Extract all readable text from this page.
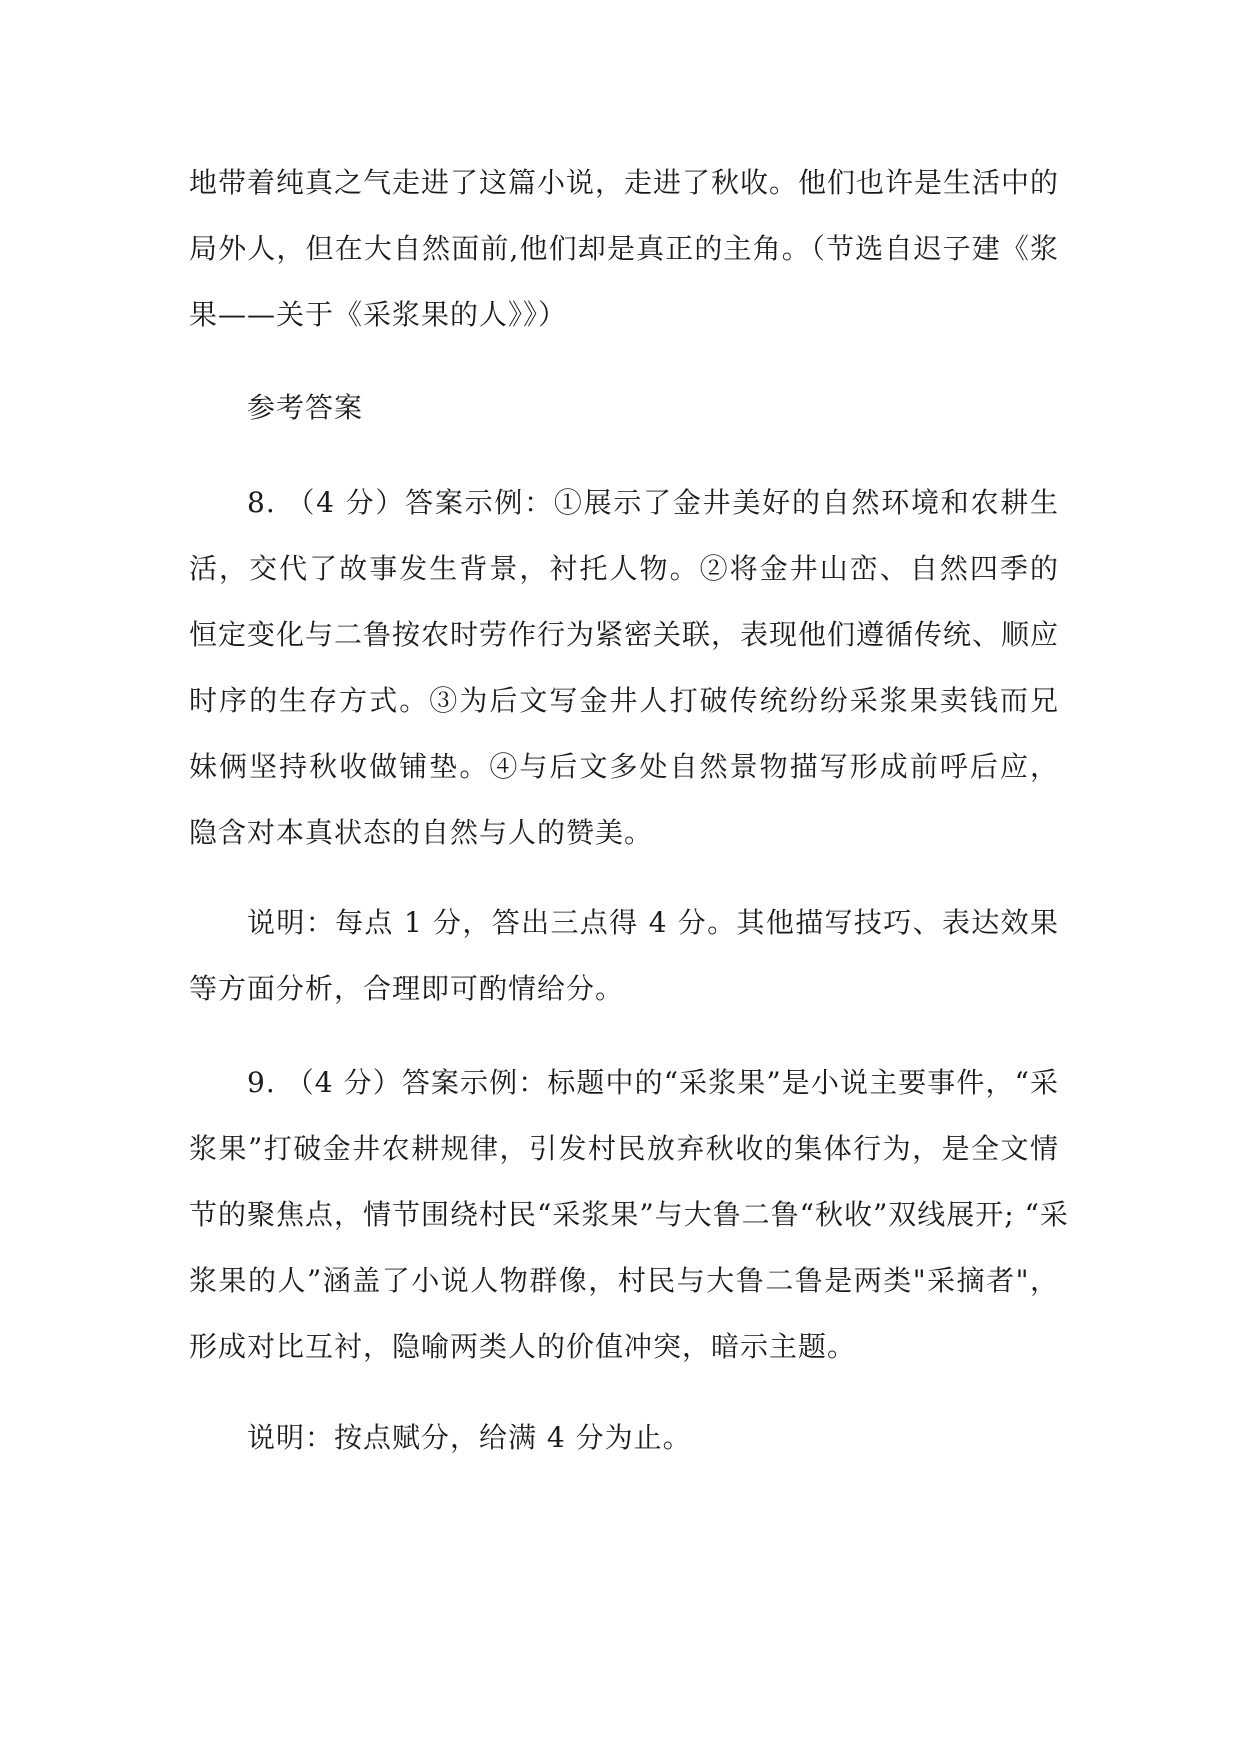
地带着纯真之气走进了这篇小说，走进了秋收。他们也许是生活中的
局外人，但在大自然面前,他们却是真正的主角。（节选自迟子建《浆
果——关于《采浆果的人》》）
参考答案
8. （4 分）答案示例：①展示了金井美好的自然环境和农耕生
活，交代了故事发生背景，衬托人物。②将金井山峦、自然四季的
恒定变化与二鲁按农时劳作行为紧密关联，表现他们遵循传统、顺应
时序的生存方式。③为后文写金井人打破传统纷纷采浆果卖钱而兄
妹俩坚持秋收做铺垫。④与后文多处自然景物描写形成前呼后应，
隐含对本真状态的自然与人的赞美。
说明：每点 1 分，答出三点得 4 分。其他描写技巧、表达效果
等方面分析，合理即可酌情给分。
9. （4 分）答案示例：标题中的“采浆果”是小说主要事件，“采
浆果”打破金井农耕规律，引发村民放弃秋收的集体行为，是全文情
节的聚焦点，情节围绕村民“采浆果”与大鲁二鲁“秋收”双线展开; “采
浆果的人”涵盖了小说人物群像，村民与大鲁二鲁是两类"采摘者"，
形成对比互衬，隐喻两类人的价值冲突，暗示主题。
说明：按点赋分，给满 4 分为止。
